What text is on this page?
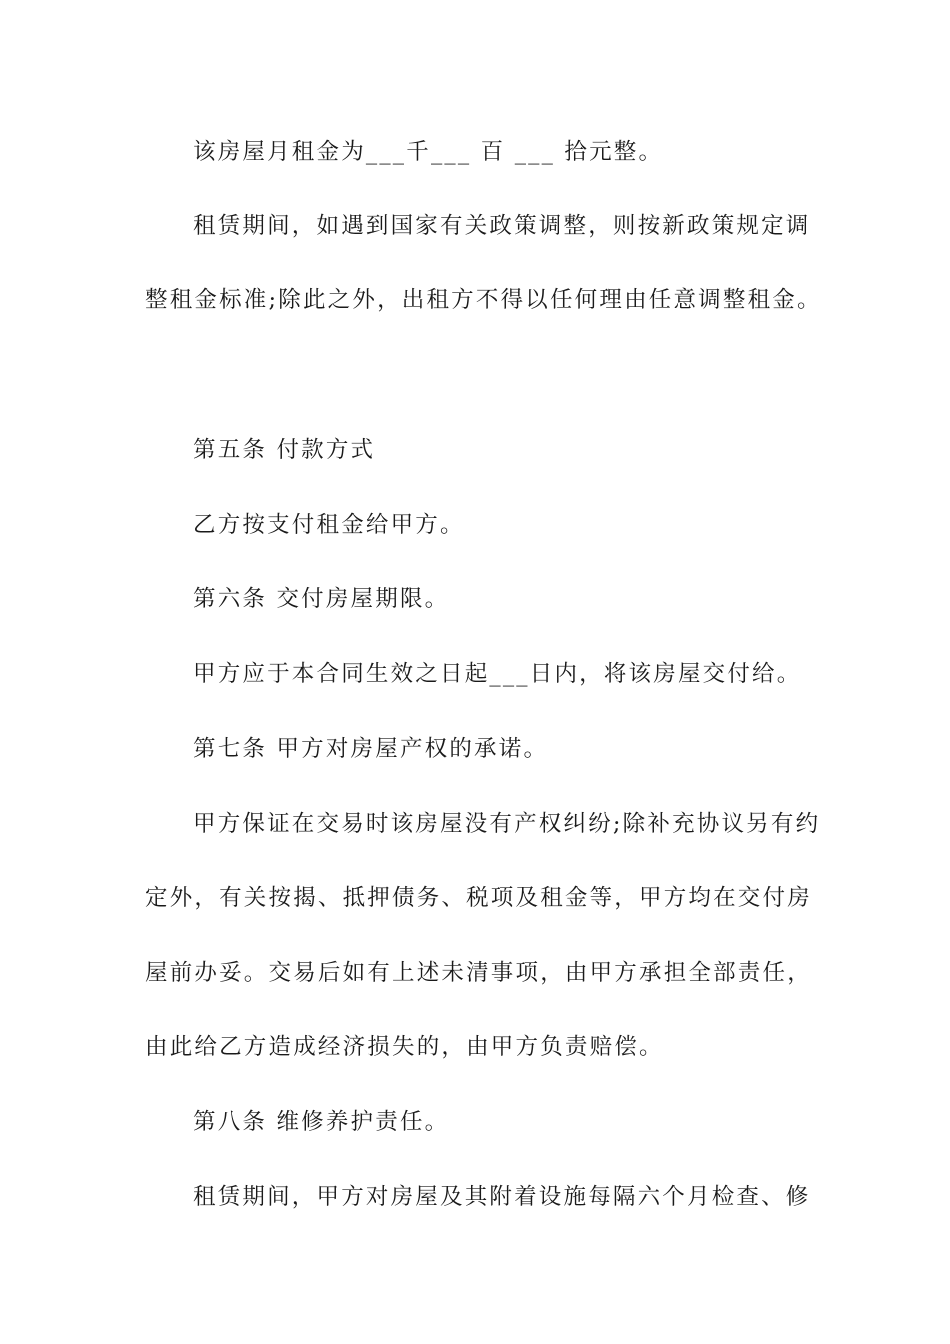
该房屋月租金为___千___ 百 ___ 拾元整。
租赁期间，如遇到国家有关政策调整，则按新政策规定调
整租金标准;除此之外，出租方不得以任何理由任意调整租金。
第五条 付款方式
乙方按支付租金给甲方。
第六条 交付房屋期限。
甲方应于本合同生效之日起___日内，将该房屋交付给。
第七条 甲方对房屋产权的承诺。
甲方保证在交易时该房屋没有产权纠纷;除补充协议另有约
定外，有关按揭、抵押债务、税项及租金等，甲方均在交付房
屋前办妥。交易后如有上述未清事项，由甲方承担全部责任，
由此给乙方造成经济损失的，由甲方负责赔偿。
第八条 维修养护责任。
租赁期间，甲方对房屋及其附着设施每隔六个月检查、修
